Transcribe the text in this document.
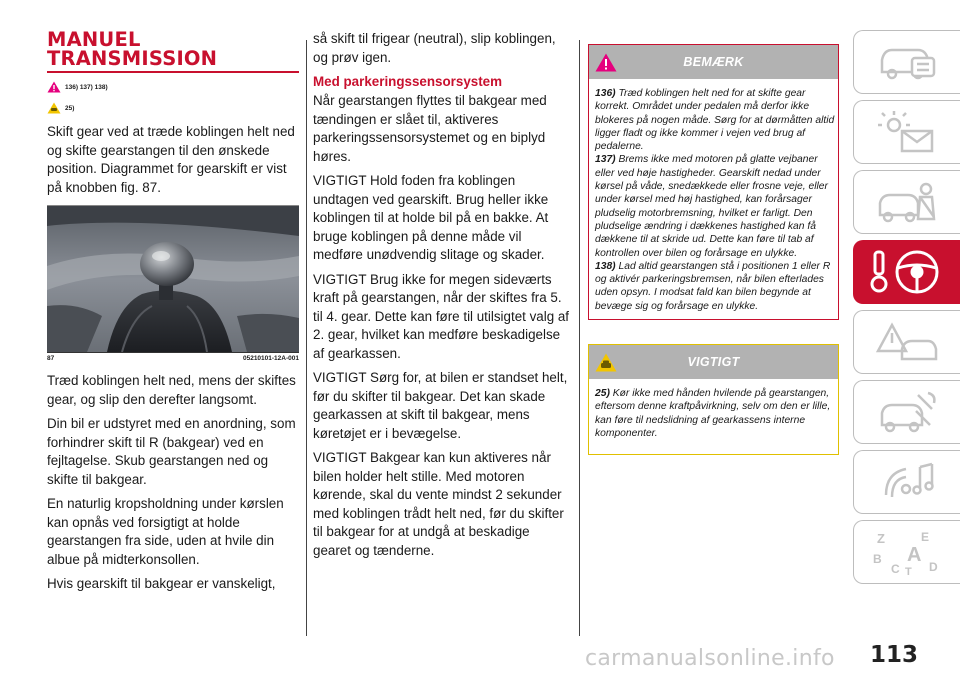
MANUEL TRANSMISSION
136) 137) 138)
25)

Skift gear ved at træde koblingen helt ned og skifte gearstangen til den ønskede position. Diagrammet for gearskift er vist på knobben fig. 87.

87	05210101-12A-001

Træd koblingen helt ned, mens der skiftes gear, og slip den derefter langsomt.

Din bil er udstyret med en anordning, som forhindrer skift til R (bakgear) ved en fejltagelse. Skub gearstangen ned og skifte til bakgear.

En naturlig kropsholdning under kørslen kan opnås ved forsigtigt at holde gearstangen fra side, uden at hvile din albue på midterkonsollen.

Hvis gearskift til bakgear er vanskeligt,

så skift til frigear (neutral), slip koblingen, og prøv igen.

Med parkeringssensorsystem

Når gearstangen flyttes til bakgear med tændingen er slået til, aktiveres parkeringssensorsystemet og en biplyd høres.

VIGTIGT Hold foden fra koblingen undtagen ved gearskift. Brug heller ikke koblingen til at holde bil på en bakke. At bruge koblingen på denne måde vil medføre unødvendig slitage og skader.

VIGTIGT Brug ikke for megen sideværts kraft på gearstangen, når der skiftes fra 5. til 4. gear. Dette kan føre til utilsigtet valg af 2. gear, hvilket kan medføre beskadigelse af gearkassen.

VIGTIGT Sørg for, at bilen er standset helt, før du skifter til bakgear. Det kan skade gearkassen at skift til bakgear, mens køretøjet er i bevægelse.

VIGTIGT Bakgear kan kun aktiveres når bilen holder helt stille. Med motoren kørende, skal du vente mindst 2 sekunder med koblingen trådt helt ned, før du skifter til bakgear for at undgå at beskadige gearet og tænderne.

BEMÆRK

136) Træd koblingen helt ned for at skifte gear korrekt. Området under pedalen må derfor ikke blokeres på nogen måde. Sørg for at dørmåtten altid ligger fladt og ikke kommer i vejen ved brug af pedalerne.

137) Brems ikke med motoren på glatte vejbaner eller ved høje hastigheder. Gearskift nedad under kørsel på våde, snedækkede eller frosne veje, eller under kørsel med høj hastighed, kan forårsager pludselig motorbremsning, hvilket er farligt. Den pludselige ændring i dækkenes hastighed kan få dækkene til at skride ud. Dette kan føre til tab af kontrollen over bilen og forårsage en ulykke.

138) Lad altid gearstangen stå i positionen 1 eller R og aktivér parkeringsbremsen, når bilen efterlades uden opsyn. I modsat fald kan bilen begynde at bevæge sig og forårsage en ulykke.

VIGTIGT

25) Kør ikke med hånden hvilende på gearstangen, eftersom denne kraftpåvirkning, selv om den er lille, kan føre til nedslidning af gearkassens interne komponenter.

Z	E
B A
C T D
carmanualsonline.info 113
